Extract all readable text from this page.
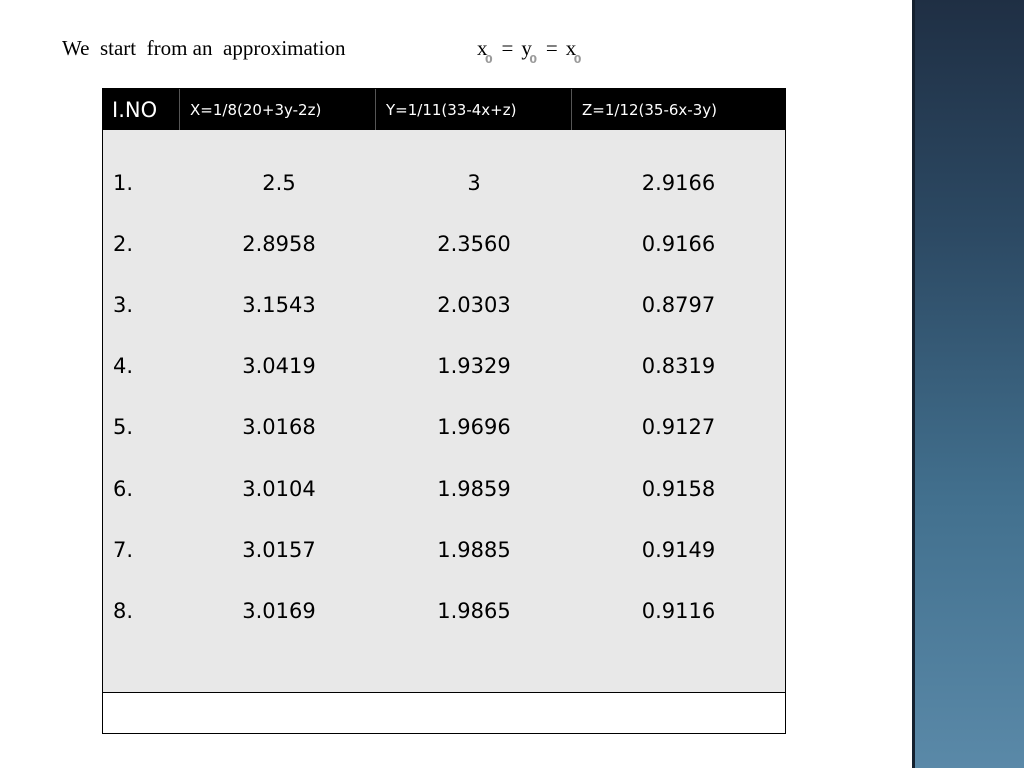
We  start  from an  approximation	x
0 = y
0 = x
0
I.NO	X=1/8(20+3y-2z)	Y=1/11(33-4x+z)	Z=1/12(35-6x-3y)
1.	2.5	3	2.9166
2.	2.8958	2.3560	0.9166
3.	3.1543	2.0303	0.8797
4.	3.0419	1.9329	0.8319
5.	3.0168	1.9696	0.9127
6.	3.0104	1.9859	0.9158
7.	3.0157	1.9885	0.9149
8.	3.0169	1.9865	0.9116
